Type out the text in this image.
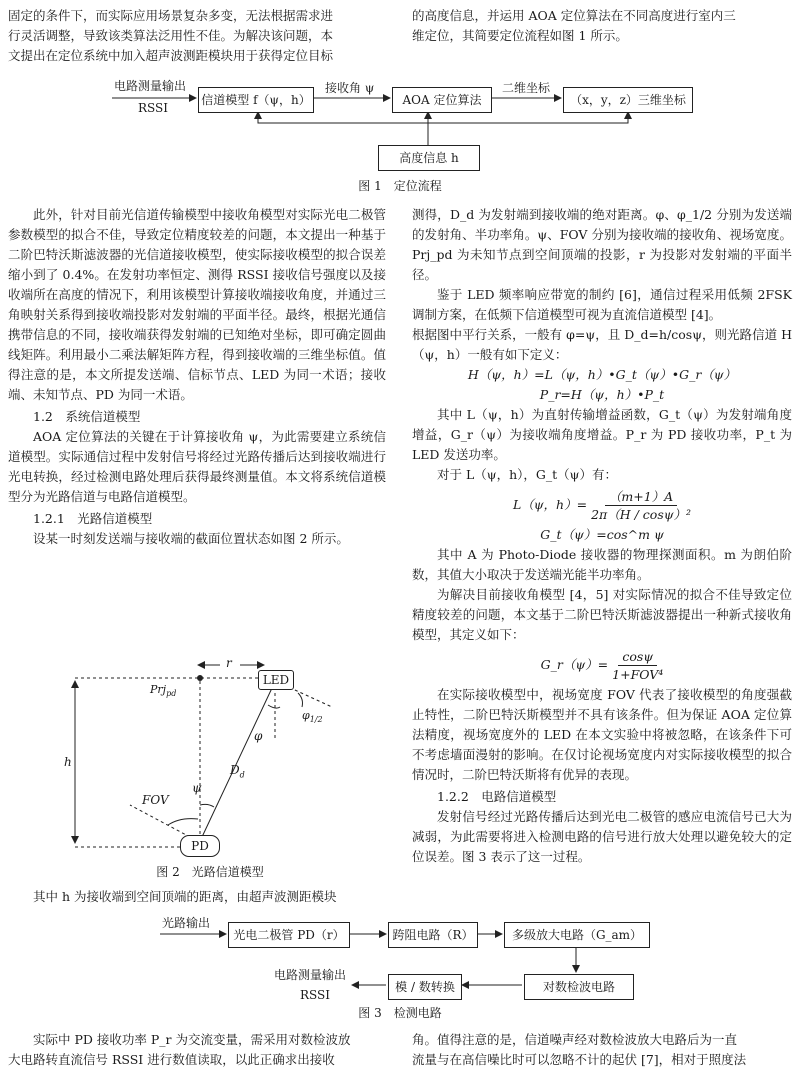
固定的条件下，而实际应用场景复杂多变，无法根据需求进

行灵活调整，导致该类算法泛用性不佳。为解决该问题，本

文提出在定位系统中加入超声波测距模块用于获得定位目标

的高度信息，并运用 AOA 定位算法在不同高度进行室内三

维定位，其简要定位流程如图 1 所示。

电路测量输出
RSSI
信道模型 f（ψ，h）
接收角 ψ
AOA 定位算法
二维坐标
（x，y，z）三维坐标
高度信息 h
图 1　定位流程

此外，针对目前光信道传输模型中接收角模型对实际光电二极管参数模型的拟合不佳，导致定位精度较差的问题，本文提出一种基于二阶巴特沃斯滤波器的光信道接收模型，使实际接收模型的拟合误差缩小到了 0.4%。在发射功率恒定、测得 RSSI 接收信号强度以及接收端所在高度的情况下，利用该模型计算接收端接收角度，并通过三角映射关系得到接收端投影对发射端的平面半径。最终，根据光通信携带信息的不同，接收端获得发射端的已知绝对坐标，即可确定圆曲线矩阵。利用最小二乘法解矩阵方程，得到接收端的三维坐标值。值得注意的是，本文所提发送端、信标节点、LED 为同一术语；接收端、未知节点、PD 为同一术语。

1.2　系统信道模型

AOA 定位算法的关键在于计算接收角 ψ，为此需要建立系统信道模型。实际通信过程中发射信号将经过光路传播后达到接收端进行光电转换，经过检测电路处理后获得最终测量值。本文将系统信道模型分为光路信道与电路信道模型。

1.2.1　光路信道模型

设某一时刻发送端与接收端的截面位置状态如图 2 所示。

LED
PD
r
Prj$_{pd}$
h
$\varphi_{1/2}$
φ
$D_d$
ψ
FOV
图 2　光路信道模型

其中 h 为接收端到空间顶端的距离，由超声波测距模块

测得，D_d 为发射端到接收端的绝对距离。φ、φ_1/2 分别为发送端的发射角、半功率角。ψ、FOV 分别为接收端的接收角、视场宽度。Prj_pd 为未知节点到空间顶端的投影，r 为投影对发射端的平面半径。

鉴于 LED 频率响应带宽的制约 [6]，通信过程采用低频 2FSK 调制方案，在低频下信道模型可视为直流信道模型 [4]。

根据图中平行关系，一般有 φ=ψ，且 D_d=h/cosψ，则光路信道 H（ψ，h）一般有如下定义：

H（ψ，h）=L（ψ，h）•G_t（ψ）•G_r（ψ）

P_r=H（ψ，h）•P_t

其中 L（ψ，h）为直射传输增益函数，G_t（ψ）为发射端角度增益，G_r（ψ）为接收端角度增益。P_r 为 PD 接收功率，P_t 为 LED 发送功率。

对于 L（ψ，h），G_t（ψ）有：

L（ψ，$h)= \frac{(m+1)A}{\text{2π（H / cosψ）²}}$

G_t（ψ）=cos^m ψ

其中 A 为 Photo-Diode 接收器的物理探测面积。m 为朗伯阶数，其值大小取决于发送端光能半功率角。

为解决目前接收角模型 [4，5] 对实际情况的拟合不佳导致定位精度较差的问题，本文基于二阶巴特沃斯滤波器提出一种新式接收角模型，其定义如下：

G_r（ψ）=
cosψ
1+FOV⁴

在实际接收模型中，视场宽度 FOV 代表了接收模型的角度强截止特性，二阶巴特沃斯模型并不具有该条件。但为保证 AOA 定位算法精度，视场宽度外的 LED 在本文实验中将被忽略，在该条件下可不考虑墙面漫射的影响。在仅讨论视场宽度内对实际接收模型的拟合情况时，二阶巴特沃斯将有优异的表现。

1.2.2　电路信道模型

发射信号经过光路传播后达到光电二极管的感应电流信号已大为减弱，为此需要将进入检测电路的信号进行放大处理以避免较大的定位误差。图 3 表示了这一过程。

光路输出
光电二极管 PD（r）	跨阻电路（R）	多级放大电路（G_am）
对数检波电路
模 / 数转换
电路测量输出
RSSI
图 3　检测电路

实际中 PD 接收功率 P_r 为交流变量，需采用对数检波放

大电路转直流信号 RSSI 进行数值读取，以此正确求出接收

角。值得注意的是，信道噪声经对数检波放大电路后为一直

流量与在高信噪比时可以忽略不计的起伏 [7]，相对于照度法
